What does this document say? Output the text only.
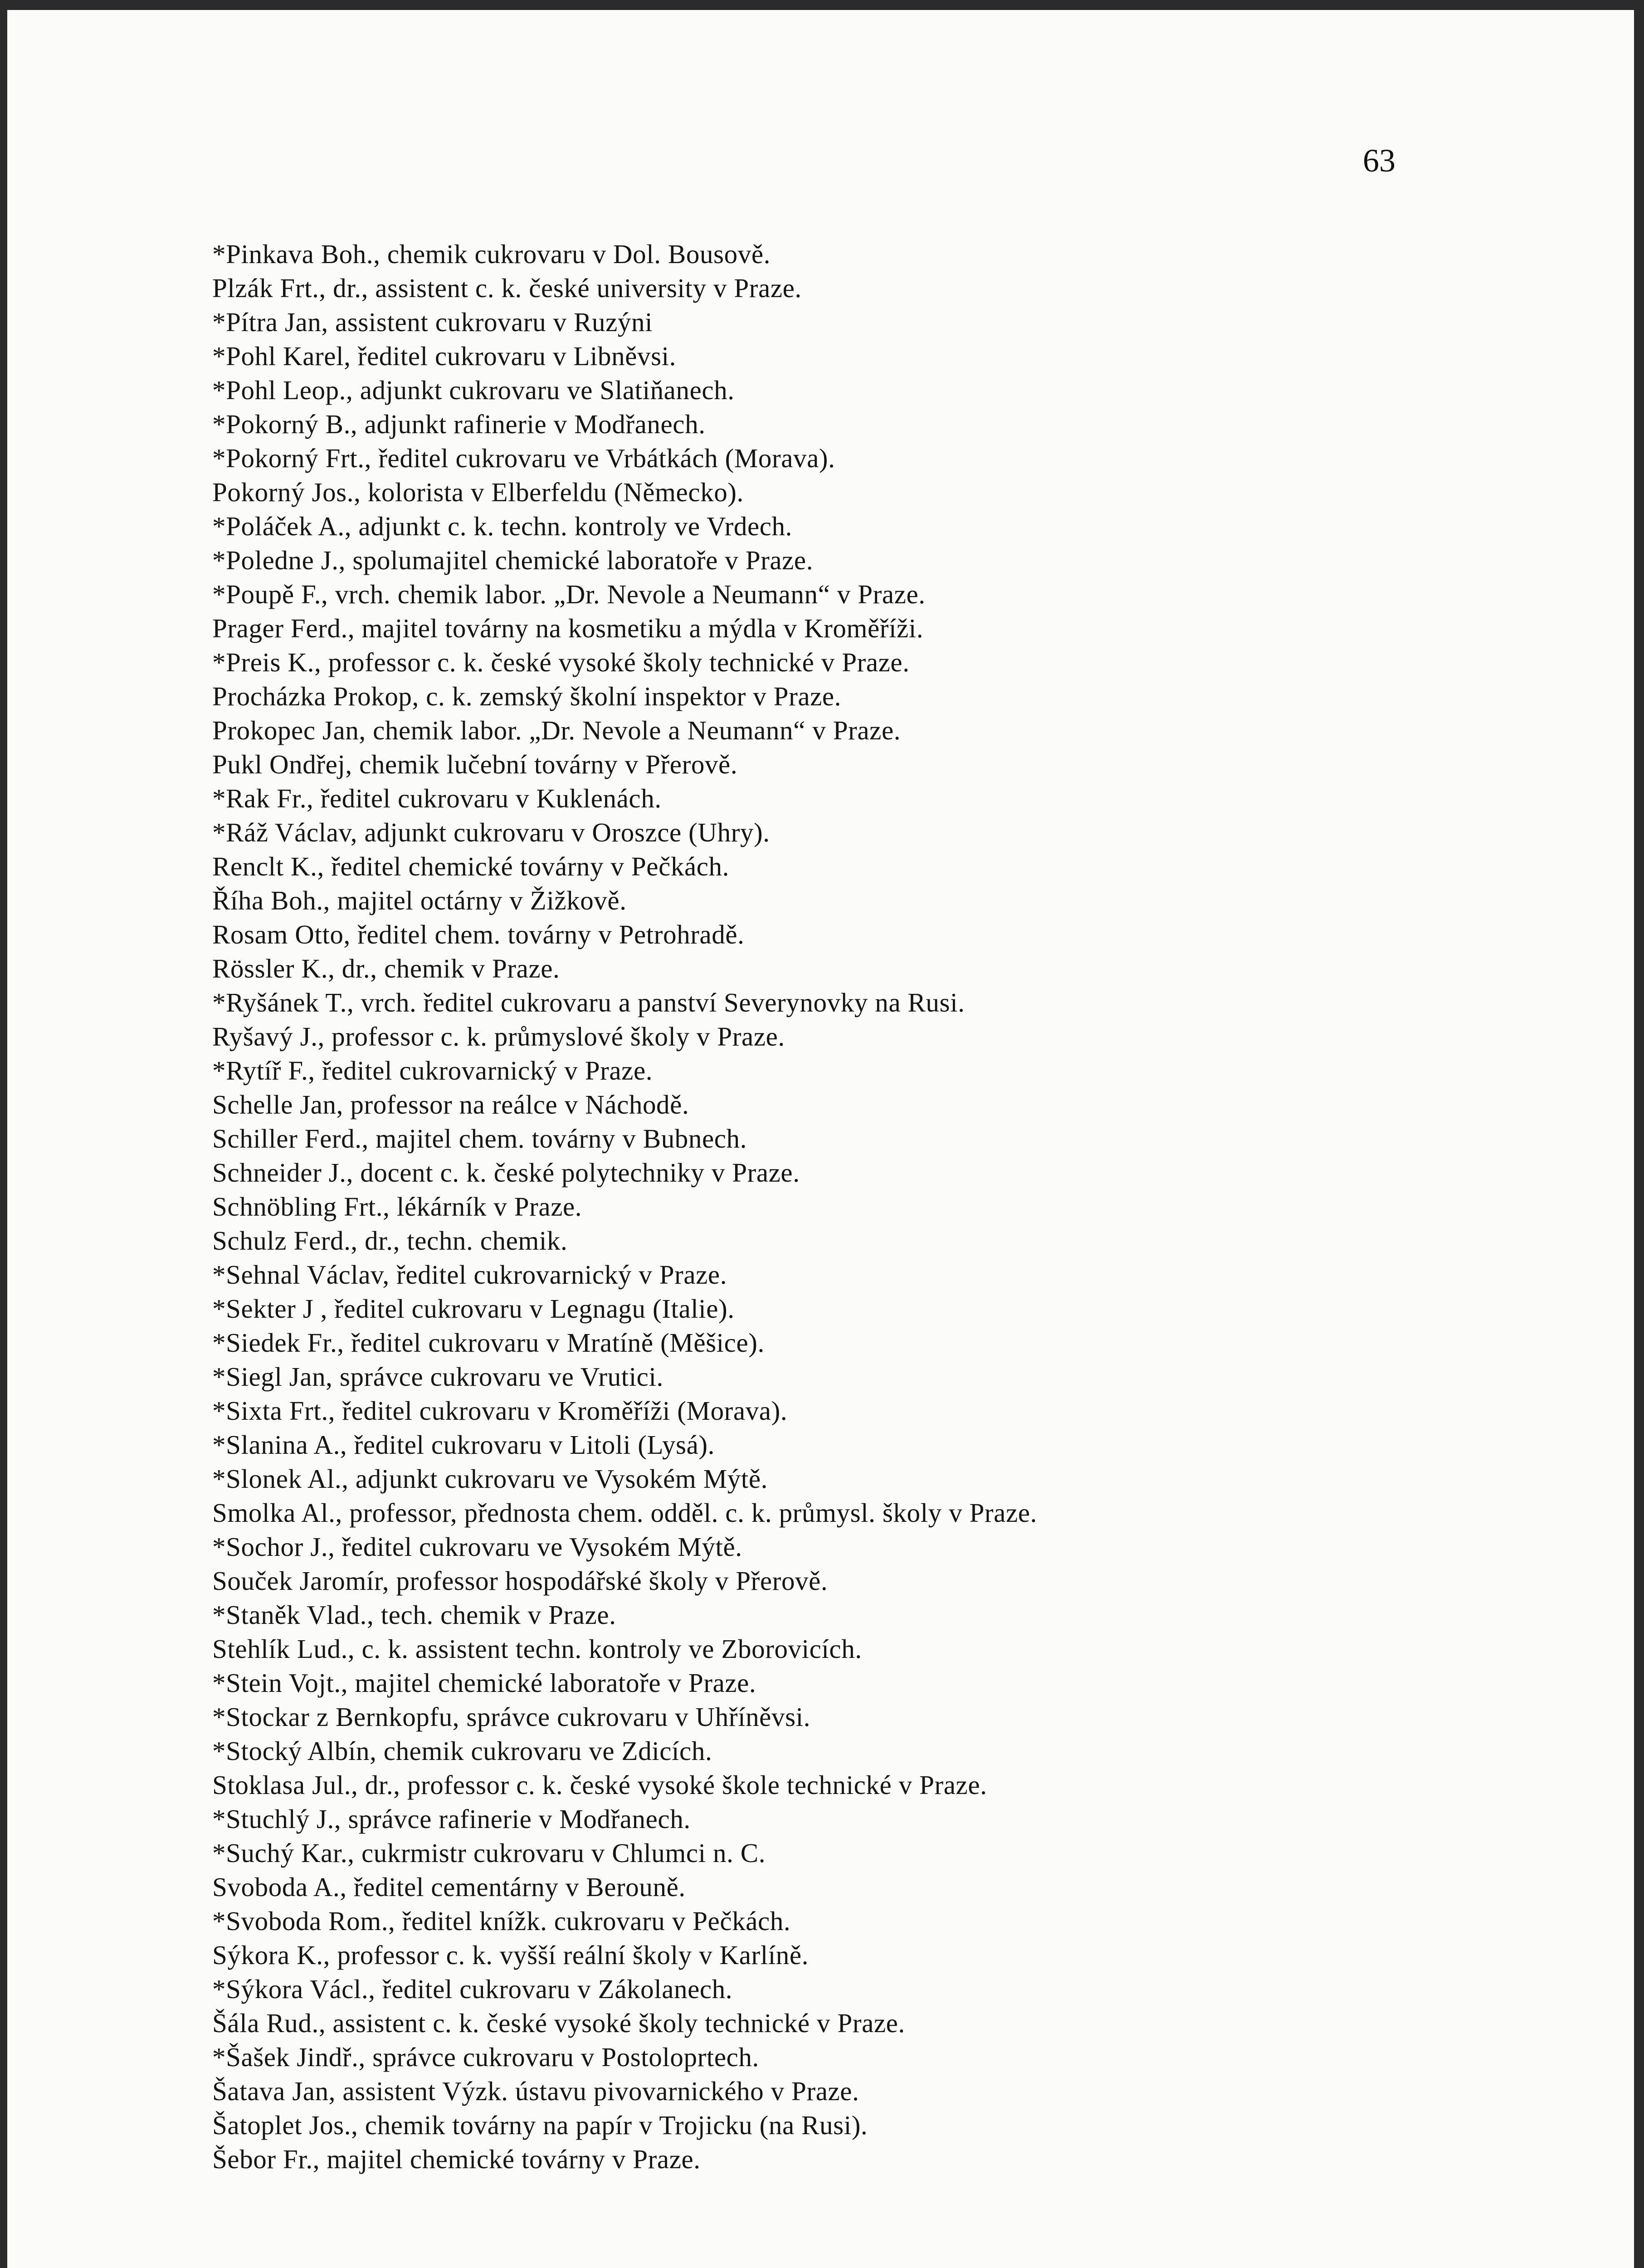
63
*Pinkava Boh., chemik cukrovaru v Dol. Bousově.
Plzák Frt., dr., assistent c. k. české university v Praze.
*Pítra Jan, assistent cukrovaru v Ruzýni
*Pohl Karel, ředitel cukrovaru v Libněvsi.
*Pohl Leop., adjunkt cukrovaru ve Slatiňanech.
*Pokorný B., adjunkt rafinerie v Modřanech.
*Pokorný Frt., ředitel cukrovaru ve Vrbátkách (Morava).
Pokorný Jos., kolorista v Elberfeldu (Německo).
*Poláček A., adjunkt c. k. techn. kontroly ve Vrdech.
*Poledne J., spolumajitel chemické laboratoře v Praze.
*Poupě F., vrch. chemik labor. „Dr. Nevole a Neumann“ v Praze.
Prager Ferd., majitel továrny na kosmetiku a mýdla v Kroměříži.
*Preis K., professor c. k. české vysoké školy technické v Praze.
Procházka Prokop, c. k. zemský školní inspektor v Praze.
Prokopec Jan, chemik labor. „Dr. Nevole a Neumann“ v Praze.
Pukl Ondřej, chemik lučební továrny v Přerově.
*Rak Fr., ředitel cukrovaru v Kuklenách.
*Ráž Václav, adjunkt cukrovaru v Oroszce (Uhry).
Renclt K., ředitel chemické továrny v Pečkách.
Říha Boh., majitel octárny v Žižkově.
Rosam Otto, ředitel chem. továrny v Petrohradě.
Rössler K., dr., chemik v Praze.
*Ryšánek T., vrch. ředitel cukrovaru a panství Severynovky na Rusi.
Ryšavý J., professor c. k. průmyslové školy v Praze.
*Rytíř F., ředitel cukrovarnický v Praze.
Schelle Jan, professor na reálce v Náchodě.
Schiller Ferd., majitel chem. továrny v Bubnech.
Schneider J., docent c. k. české polytechniky v Praze.
Schnöbling Frt., lékárník v Praze.
Schulz Ferd., dr., techn. chemik.
*Sehnal Václav, ředitel cukrovarnický v Praze.
*Sekter J , ředitel cukrovaru v Legnagu (Italie).
*Siedek Fr., ředitel cukrovaru v Mratíně (Měšice).
*Siegl Jan, správce cukrovaru ve Vrutici.
*Sixta Frt., ředitel cukrovaru v Kroměříži (Morava).
*Slanina A., ředitel cukrovaru v Litoli (Lysá).
*Slonek Al., adjunkt cukrovaru ve Vysokém Mýtě.
Smolka Al., professor, přednosta chem. odděl. c. k. průmysl. školy v Praze.
*Sochor J., ředitel cukrovaru ve Vysokém Mýtě.
Souček Jaromír, professor hospodářské školy v Přerově.
*Staněk Vlad., tech. chemik v Praze.
Stehlík Lud., c. k. assistent techn. kontroly ve Zborovicích.
*Stein Vojt., majitel chemické laboratoře v Praze.
*Stockar z Bernkopfu, správce cukrovaru v Uhříněvsi.
*Stocký Albín, chemik cukrovaru ve Zdicích.
Stoklasa Jul., dr., professor c. k. české vysoké škole technické v Praze.
*Stuchlý J., správce rafinerie v Modřanech.
*Suchý Kar., cukrmistr cukrovaru v Chlumci n. C.
Svoboda A., ředitel cementárny v Berouně.
*Svoboda Rom., ředitel knížk. cukrovaru v Pečkách.
Sýkora K., professor c. k. vyšší reální školy v Karlíně.
*Sýkora Václ., ředitel cukrovaru v Zákolanech.
Šála Rud., assistent c. k. české vysoké školy technické v Praze.
*Šašek Jindř., správce cukrovaru v Postoloprtech.
Šatava Jan, assistent Výzk. ústavu pivovarnického v Praze.
Šatoplet Jos., chemik továrny na papír v Trojicku (na Rusi).
Šebor Fr., majitel chemické továrny v Praze.
